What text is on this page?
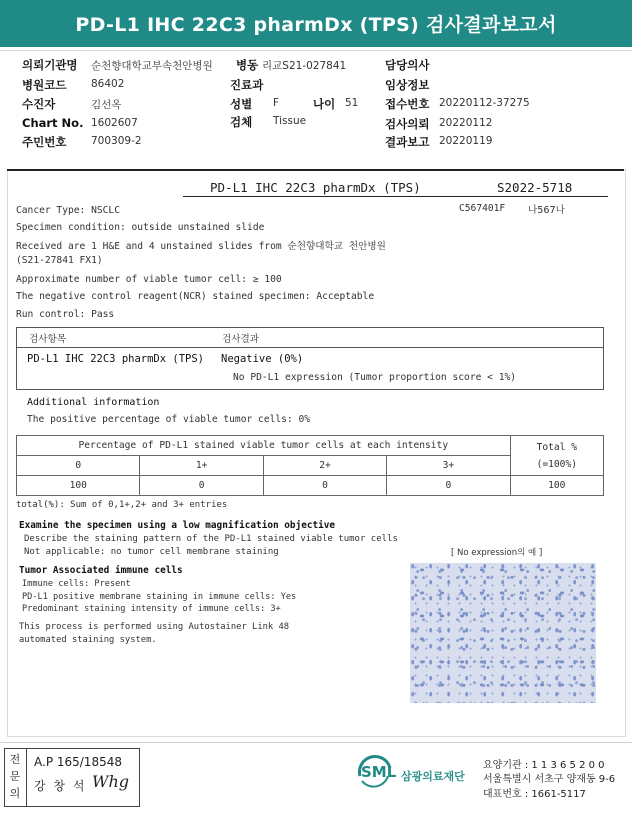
PD-L1 IHC 22C3 pharmDx (TPS) 검사결과보고서
의뢰기관명 순천향대학교부속천안병원 병동 리교S21-027841	담당의사
병원코드 86402	진료과	임상정보
수진자	김선옥	성별 F	나이 51 접수번호 20220112-37275
Chart No. 1602607	검체 Tissue	검사의뢰 20220112
주민번호 700309-2	결과보고 20220119
PD-L1 IHC 22C3 pharmDx (TPS)	S2022-5718
Cancer Type: NSCLC	C567401F 나567나
Specimen condition: outside unstained slide
Received are 1 H&E and 4 unstained slides from 순천향대학교 천안병원
(S21-27841 FX1)
Approximate number of viable tumor cell: ≥ 100
The negative control reagent(NCR) stained specimen: Acceptable
Run control: Pass
검사항목	검사결과

PD-L1 IHC 22C3 pharmDx (TPS) Negative (0%)
No PD-L1 expression (Tumor proportion score < 1%)
Additional information
The positive percentage of viable tumor cells: 0%
Percentage of PD-L1 stained viable tumor cells at each intensity				Total %
(=100%)
0	1+	2+	3+	
100	0	0	0	100
total(%): Sum of 0,1+,2+ and 3+ entries
Examine the specimen using a low magnification objective
Describe the staining pattern of the PD-L1 stained viable tumor cells
Not applicable: no tumor cell membrane staining	[ No expression의 예 ]
Tumor Associated immune cells
Immune cells: Present
PD-L1 positive membrane staining in immune cells: Yes
Predominant staining intensity of immune cells: 3+
This process is performed using Autostainer Link 48
automated staining system.
전문의
A.P 165/18548
강 창 석 Whg	SML 삼광의료재단
요양기관 : 1 1 3 6 5 2 0 0
서울특별시 서초구 양재동 9-6
대표번호 : 1661-5117
